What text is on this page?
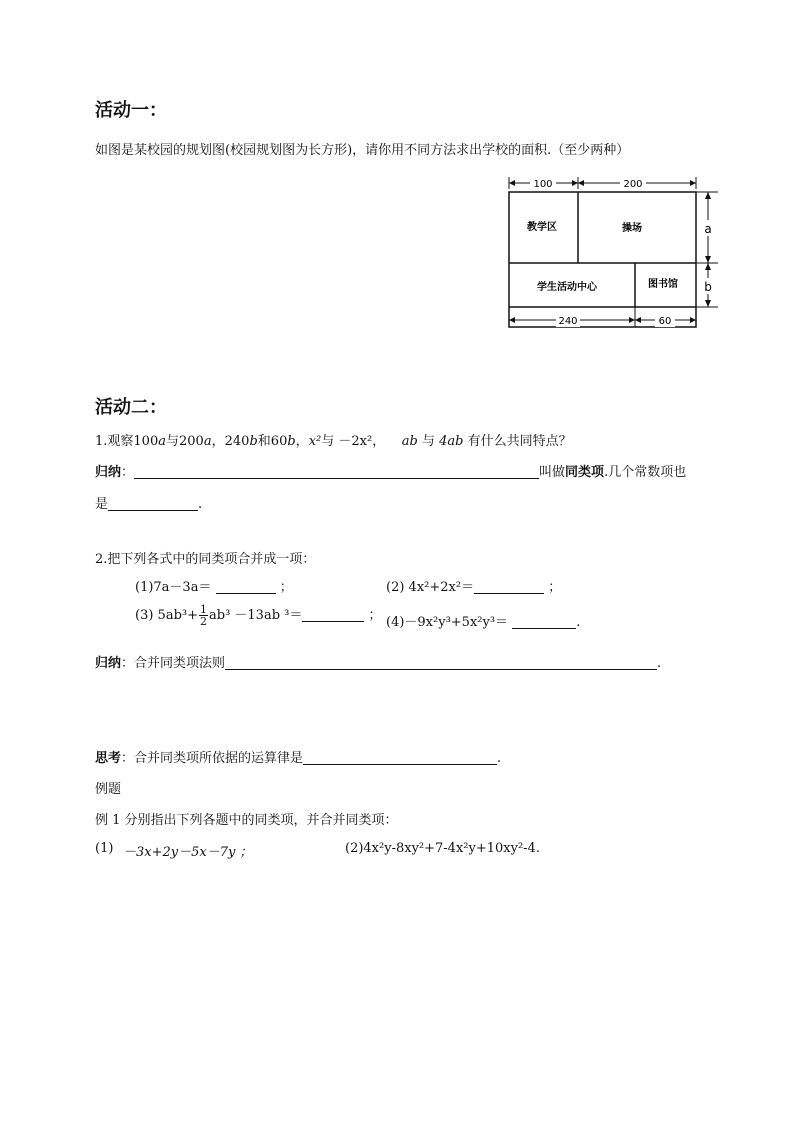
活动一：
如图是某校园的规划图(校园规划图为长方形)，请你用不同方法求出学校的面积.（至少两种）
100	200
教学区	操场
学生活动中心	图书馆
a
b
240	60
活动二：
1.观察100a与200a，240b和60b，x²与 －2x²， ab 与 4ab 有什么共同特点？
归纳：	叫做同类项.几个常数项也
是	.
2.把下列各式中的同类项合并成一项：
(1)7a－3a＝	；	(2) 4x²+2x²＝	；
(3) $5ab^3+ \frac{1}{2} ab^3 -13ab$ ³＝	； (4)－9x²y³+5x²y³＝	.
归纳：合并同类项法则	.
思考：合并同类项所依据的运算律是	.
例题
例 1 分别指出下列各题中的同类项，并合并同类项：
(1) －3x+2y－5x－7y ；	(2)4x²y-8xy²+7-4x²y+10xy²-4.
